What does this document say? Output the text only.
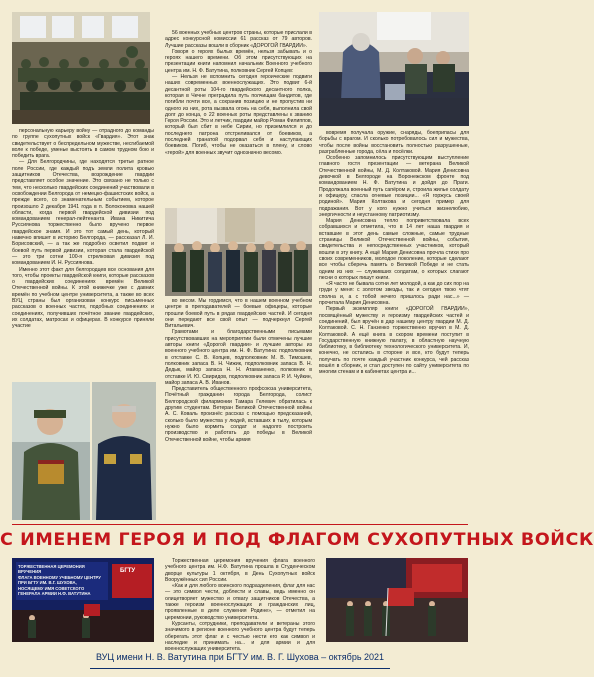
персональную карьеру войну — отрадного до команды по группе сухопутных войск «Гвардия». Этот знак свидетельствует о беспредельном мужестве, несгибаемой воле к победе, уменье выстоять в самом трудном бою и победить врага.

— Для Белгородчины, где находятся третье ратное поле России, где каждый подъ земли полита кровью защитников Отечества, возрождение гвардии представляет особое значение. Это связано не только с тем, что несколько гвардейских соединений участвовали в освобождении Белгорода от немецко-фашистских войск, а прежде всего, со знаменательным событием, которое произошло 2 декабря 1941 года в п. Волоконовка нашей области, когда первой гвардейской дивизии под командованием генерал-лейтенанта Ивана Никитича Руссиянова торжественно было вручено первое гвардейское знамя. И это тот самый день, который навечно впишет в историю Белгорода, — рассказал Л. И. Борисовский, — а так же подробно осветил подвиг и боевой путь первой дивизии, которая стала гвардейской — это три сотни 100-я стрелковая дивизия под командованием И. Н. Руссиянова.

Именно этот факт для белгородцев все основания для того, чтобы проекты гвардейской книги, которые рассказов о гвардейских соединениях времён Великой Отечественной войны. К этой книжечке уже с давних времён по учебном центре университета, а также во всех ВУЦ страны был организован конкурс письменных рассказов о военных частях, подобных соединениях и соединениях, получивших почётное звание гвардейских, их солдатах, матросах и офицерах. В конкурсе приняли участие

56 военных учебных центров страны, которые прислали в адрес конкурсной комиссии 61 рассказ от 79 авторов. Лучшие рассказы вошли в сборник «ДОРОГОЙ ГВАРДИИ».

Говоря о героях былых времён, нельзя забывать и о героях нашего времени. Об этом присутствующих на презентации книги напомнил начальник Военного учебного центра им. Н. Ф. Ватутина, полковник Сергей Копцев:

— Нельзя не вспомнить сегодня героические подвиги наших современных военнослужащих. Это подвиг 6-й десантной роты 104-го гвардейского десантного полка, которая в Чечне преградила путь полчищам бандитов, где погибли почти все, а сохранив позицию и не пропустив ни одного из них, рота вызвала огонь на себя, выполнила свой долг до конца, о 22 военных роты представлены к званию Героя России. Это и летчик, гвардии майор Роман Филиппов, который был сбит в небе Сирии, но приземлился и до последнего патрона отстреливался от боевиков, а последней гранатой подорвал себя и наступающих боевиков. Погиб, чтобы не оказаться в плену, и слово «герой» для военных звучит однозначно весомо.

во весом. Мы гордимся, что в нашем военном учебном центре в преподавателей — боевые офицеры, которые прошли боевой путь в рядах гвардейских частей. И сегодня они передают все свой опыт — подчеркнул Сергей Витальевич.

Грамотами и благодарственными письмами присутствовавших на мероприятии были отмечены лучшие авторы книги «Дорогой гвардии» и лучшие авторы из военного учебного центра им. Н. Ф. Ватутина: подполковник в отставке С. В. Копцев, подполковник М. В. Тимошев, полковник запаса В. Н. Чижик, подполковник запаса В. Н. Дедык, майор запаса Н. Н. Атаманенко, полковник в отставке И. Ю. Свиридов, подполковник запаса Р. И. Чуйкин, майор запаса А. В. Иванов.

Представитель общественного профсоюза университета, Почётный гражданин города Белгорода, солист Белгородской филармонии Тамара Гелевич обратилась к другим студентам. Ветеран Великой Отечественной войны А. С. Коваль произнёс рассказ с помощью предсказаний, сколько было мужества у людей, вставших в тылу, которым нужно было кормить солдат и надолго построить производство и работать до победы в Великой Отечественной войне, чтобы армия

вовремя получала оружие, снаряды, боеприпасы для борьбы с врагом. И сколько потребовалось сил и мужества, чтобы после войны восстановить полностью разрушенные, разграбленные города, сёла и посёлки.

Особенно запомнилось присутствующим выступление главного гостя презентации — ветерана Великой Отечественной войны, М. Д. Колтаковой. Мария Денисовна девочкой в Белгороде на Воронежском фронте под командованием Н. Ф. Ватутина и дойдя до Праги. Продолжала военный путь сапёром и, строила жилье солдату и офицеру, спасла огневые позиции... «Я горжусь своей родиной». Мария Колтакова и сегодня пример для подражания. Вот у кого нужно учиться жизнелюбию, энергичности и неустанному патриотизму.

Мария Денисовна тепло поприветствовала всех собравшихся и отметила, что в 14 лет наша гвардия и вставшие в этот день самые сложные, самые трудные страницы Великой Отечественной войны, события, свидетельства и непосредственных участников, который вошли в эту книгу. А ещё Мария Денисовна прочла стихи про своих современников, молодое поколение, которые сделают все чтобы сберечь память о Великой Победе и не стать одним из них — служивших солдатам, о которых слагают песни о которых пишут книги.

«Я часто не бывала сотни лет молодой, а как до сих пор на груди у меня: с золотом звезды, так и сегодня твою чтят сполна и, а с тобой нечего пришлось ради нас...» — прочитала Мария Денисовна.

Первый экземпляр книги «ДОРОГОЙ ГВАРДИИ», посвящённый мужеству и героизму гвардейских частей и соединений, был вручён в дар нашему центру гвардии М. Д. Колтаковой. С. Н. Ганзенко торжественно вручил в М. Д. Колтаковой. А ещё книга в скором времени поступит в Государственную книжную палату, в областную научную библиотеку, в библиотеку технологического университета. И, конечно, не остались в стороне и все, кто будут теперь получать по почте каждый участник конкурса, чей рассказ вошёл в сборник, и стал доступен по сайту университета по многим стенам и в кабинетах центра и...

С ИМЕНЕМ ГЕРОЯ И ПОД ФЛАГОМ СУХОПУТНЫХ ВОЙСК
ТОРЖЕСТВЕННАЯ ЦЕРЕМОНИЯ ВРУЧЕНИЯ
ФЛАГА ВОЕННОМУ УЧЕБНОМУ ЦЕНТРУ
ПРИ БГТУ ИМ. В.Г. ШУХОВА,
НОСЯЩЕМУ ИМЯ СОВЕТСКОГО
ГЕНЕРАЛА АРМИИ Н.Ф. ВАТУТИНА
БГТУ

Торжественная церемония вручения флага военного учебного центра им. Н.Ф. Ватутина прошла в Студенческом дворце культуры 1 октября, в День Сухопутных войск Вооружённых сил России.

«Как и для любого воинского подразделения, флаг для нас — это символ чести, доблести и славы, ведь именно он олицетворяет мужество и отвагу защитников Отечества, а также героизм военнослужащих и гражданских лиц, проявленные в деле служения Родине», — отметил на церемонии, руководство университета.

Курсанты, сотрудники, преподаватели и ветераны этого значимого в регионе военного учебного центра будут теперь оберегать этот флаг и с честью нести его как символ и наследие и принимать на... и для армии и для военнослужащих университета.

ВУЦ имени Н. В. Ватутина при БГТУ им. В. Г. Шухова – октябрь 2021
